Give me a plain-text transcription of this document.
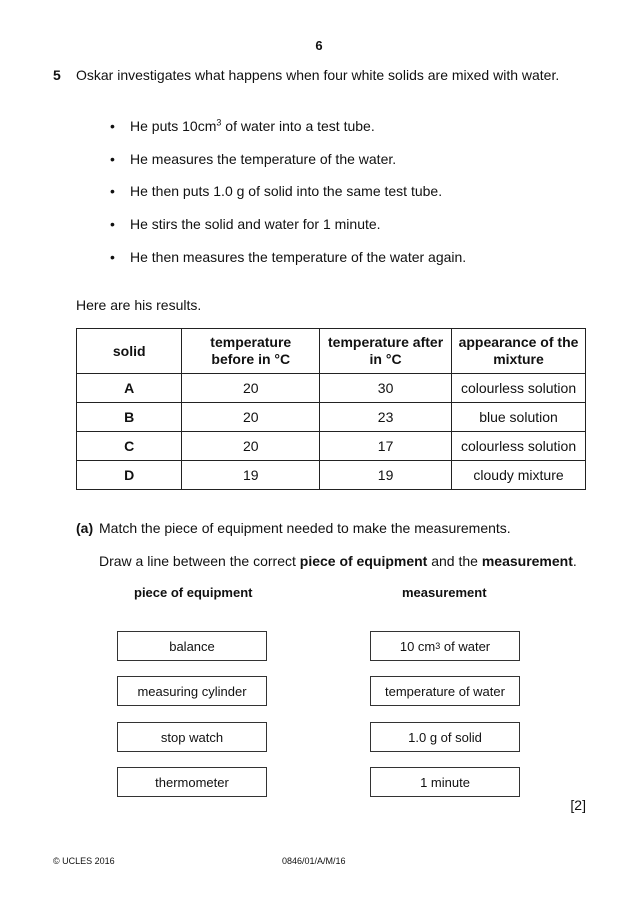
6
5 Oskar investigates what happens when four white solids are mixed with water.
• He puts $10cm^3$ of water into a test tube.
• He measures the temperature of the water.
• He then puts 1.0 g of solid into the same test tube.
• He stirs the solid and water for 1 minute.
• He then measures the temperature of the water again.
Here are his results.
solid	temperature before in °C	temperature after in °C	appearance of the mixture
A	20	30	colourless solution
B	20	23	blue solution
C	20	17	colourless solution
D	19	19	cloudy mixture
(a) Match the piece of equipment needed to make the measurements.
Draw a line between the correct piece of equipment and the measurement.
piece of equipment	measurement
balance
measuring cylinder
stop watch
thermometer
10 cm 3 of water
temperature of water
1.0 g of solid
1 minute
[2]
© UCLES 2016	0846/01/A/M/16
